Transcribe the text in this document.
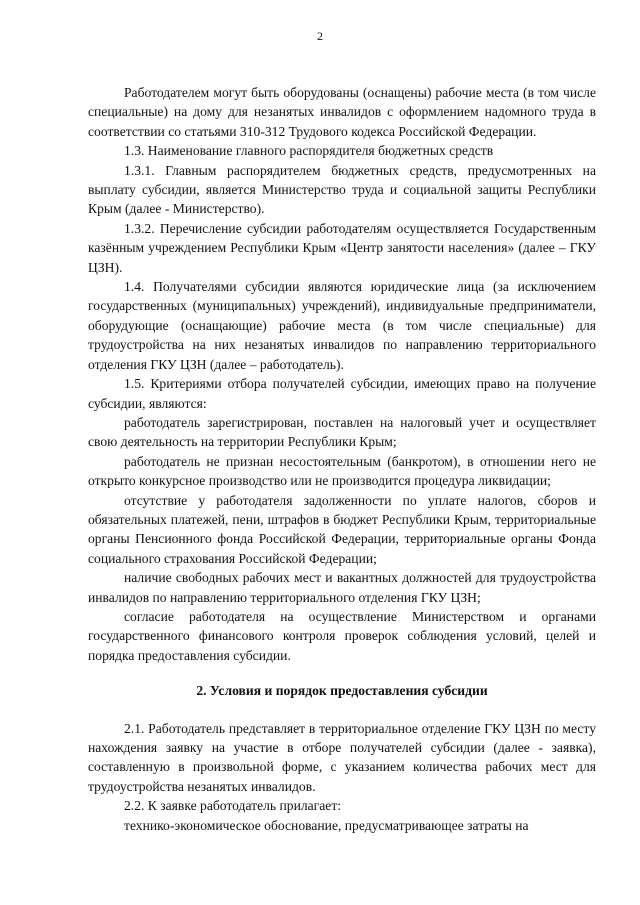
2

Работодателем могут быть оборудованы (оснащены) рабочие места (в том числе специальные) на дому для незанятых инвалидов с оформлением надомного труда в соответствии со статьями 310-312 Трудового кодекса Российской Федерации.

1.3. Наименование главного распорядителя бюджетных средств

1.3.1. Главным распорядителем бюджетных средств, предусмотренных на выплату субсидии, является Министерство труда и социальной защиты Республики Крым (далее - Министерство).

1.3.2. Перечисление субсидии работодателям осуществляется Государственным казённым учреждением Республики Крым «Центр занятости населения» (далее – ГКУ ЦЗН).

1.4. Получателями субсидии являются юридические лица (за исключением государственных (муниципальных) учреждений), индивидуальные предприниматели, оборудующие (оснащающие) рабочие места (в том числе специальные) для трудоустройства на них незанятых инвалидов по направлению территориального отделения ГКУ ЦЗН (далее – работодатель).

1.5. Критериями отбора получателей субсидии, имеющих право на получение субсидии, являются:

работодатель зарегистрирован, поставлен на налоговый учет и осуществляет свою деятельность на территории Республики Крым;

работодатель не признан несостоятельным (банкротом), в отношении него не открыто конкурсное производство или не производится процедура ликвидации;

отсутствие у работодателя задолженности по уплате налогов, сборов и обязательных платежей, пени, штрафов в бюджет Республики Крым, территориальные органы Пенсионного фонда Российской Федерации, территориальные органы Фонда социального страхования Российской Федерации;

наличие свободных рабочих мест и вакантных должностей для трудоустройства инвалидов по направлению территориального отделения ГКУ ЦЗН;

согласие работодателя на осуществление Министерством и органами государственного финансового контроля проверок соблюдения условий, целей и порядка предоставления субсидии.

2. Условия и порядок предоставления субсидии

2.1. Работодатель представляет в территориальное отделение ГКУ ЦЗН по месту нахождения заявку на участие в отборе получателей субсидии (далее - заявка), составленную в произвольной форме, с указанием количества рабочих мест для трудоустройства незанятых инвалидов.

2.2. К заявке работодатель прилагает:

технико-экономическое обоснование, предусматривающее затраты на
